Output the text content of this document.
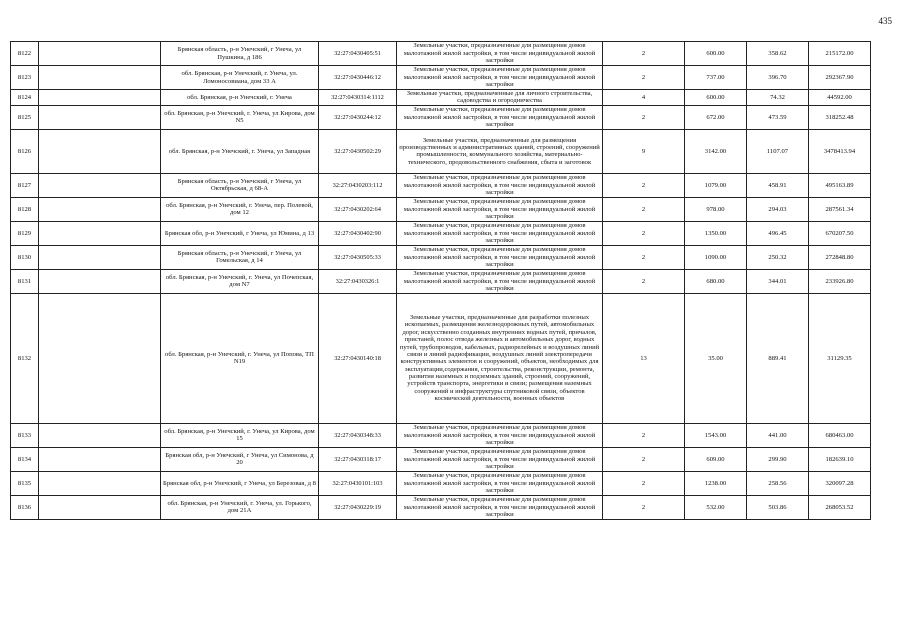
435
8122		Брянская область, р-н Унечский, г Унеча, ул Пушкина, д 186	32:27:0430405:51	Земельные участки, предназначенные для размещения домов малоэтажной жилой застройки, в том числе индивидуальной жилой застройки	2	600.00	358.62	215172.00
8123		обл. Брянская, р-н Унечский, г. Унеча, ул. Ломоносовиана, дом 33 А	32:27:0430446:12	Земельные участки, предназначенные для размещения домов малоэтажной жилой застройки, в том числе индивидуальной жилой застройки	2	737.00	396.70	292367.90
8124		обл. Брянская, р-н Унечский, г. Унеча	32:27:0430314:1112	Земельные участки, предназначенные для личного строительства, садоводства и огородничества	4	600.00	74.32	44592.00
8125		обл. Брянская, р-н Унечский, г. Унеча, ул Кирова, дом N5	32:27:0430244:12	Земельные участки, предназначенные для размещения домов малоэтажной жилой застройки, в том числе индивидуальной жилой застройки	2	672.00	473.59	318252.48
8126		обл. Брянская, р-н Унечский, г. Унеча, ул Западная	32:27:0430502:29	Земельные участки, предназначенные для размещения производственных и административных зданий, строений, сооружений промышленности, коммунального хозяйства, материально-технического, продовольственного снабжения, сбыта и заготовок	9	3142.00	1107.07	3478413.94
8127		Брянская область, р-н Унечский, г Унеча, ул Октябрьская, д 68-А	32:27:0430203:112	Земельные участки, предназначенные для размещения домов малоэтажной жилой застройки, в том числе индивидуальной жилой застройки	2	1079.00	458.91	495163.89
8128		обл. Брянская, р-н Унечский, г. Унеча, пер. Полевой, дом 12	32:27:0430202:64	Земельные участки, предназначенные для размещения домов малоэтажной жилой застройки, в том числе индивидуальной жилой застройки	2	978.00	294.03	287561.34
8129		Брянская обл, р-н Унечский, г Унеча, ул Юмина, д 13	32:27:0430402:90	Земельные участки, предназначенные для размещения домов малоэтажной жилой застройки, в том числе индивидуальной жилой застройки	2	1350.00	496.45	670207.50
8130		Брянская область, р-н Унечский, г Унеча, ул Гомельская, д 14	32:27:0430505:33	Земельные участки, предназначенные для размещения домов малоэтажной жилой застройки, в том числе индивидуальной жилой застройки	2	1090.00	250.32	272848.80
8131		обл. Брянская, р-н Унечский, г. Унеча, ул Почепская, дом N7	32:27:0430326:1	Земельные участки, предназначенные для размещения домов малоэтажной жилой застройки, в том числе индивидуальной жилой застройки	2	680.00	344.01	233926.80
8132		обл. Брянская, р-н Унечский, г. Унеча, ул Попова, ТП N19	32:27:0430140:18	Земельные участки, предназначенные для разработки полезных ископаемых, размещения железнодорожных путей, автомобильных дорог, искусственно созданных внутренних водных путей, причалов, пристаней, полос отвода железных и автомобильных дорог, водных путей, трубопроводов, кабельных, радиорелейных и воздушных линий связи и линий радиофикации, воздушных линий электропередачи конструктивных элементов и сооружений, объектов, необходимых для эксплуатации,содержания, строительства, реконструкции, ремонта, развития наземных и подземных зданий, строений, сооружений, устройств транспорта, энергетики и связи; размещения наземных сооружений и инфраструктуры спутниковой связи, объектов космической деятельности, военных объектов	13	35.00	889.41	31129.35
8133		обл. Брянская, р-н Унечский, г. Унеча, ул Кирова, дом 15	32:27:0430348:33	Земельные участки, предназначенные для размещения домов малоэтажной жилой застройки, в том числе индивидуальной жилой застройки	2	1543.00	441.00	680463.00
8134		Брянская обл, р-н Унечский, г Унеча, ул Симонова, д 20	32:27:0430318:17	Земельные участки, предназначенные для размещения домов малоэтажной жилой застройки, в том числе индивидуальной жилой застройки	2	609.00	299.90	182639.10
8135		Брянская обл, р-н Унечский, г Унеча, ул Березовая, д 8	32:27:0430101:103	Земельные участки, предназначенные для размещения домов малоэтажной жилой застройки, в том числе индивидуальной жилой застройки	2	1238.00	258.56	320097.28
8136		обл. Брянская, р-н Унечский, г. Унеча, ул. Горького, дом 21А	32:27:0430229:19	Земельные участки, предназначенные для размещения домов малоэтажной жилой застройки, в том числе индивидуальной жилой застройки	2	532.00	503.86	268053.52
